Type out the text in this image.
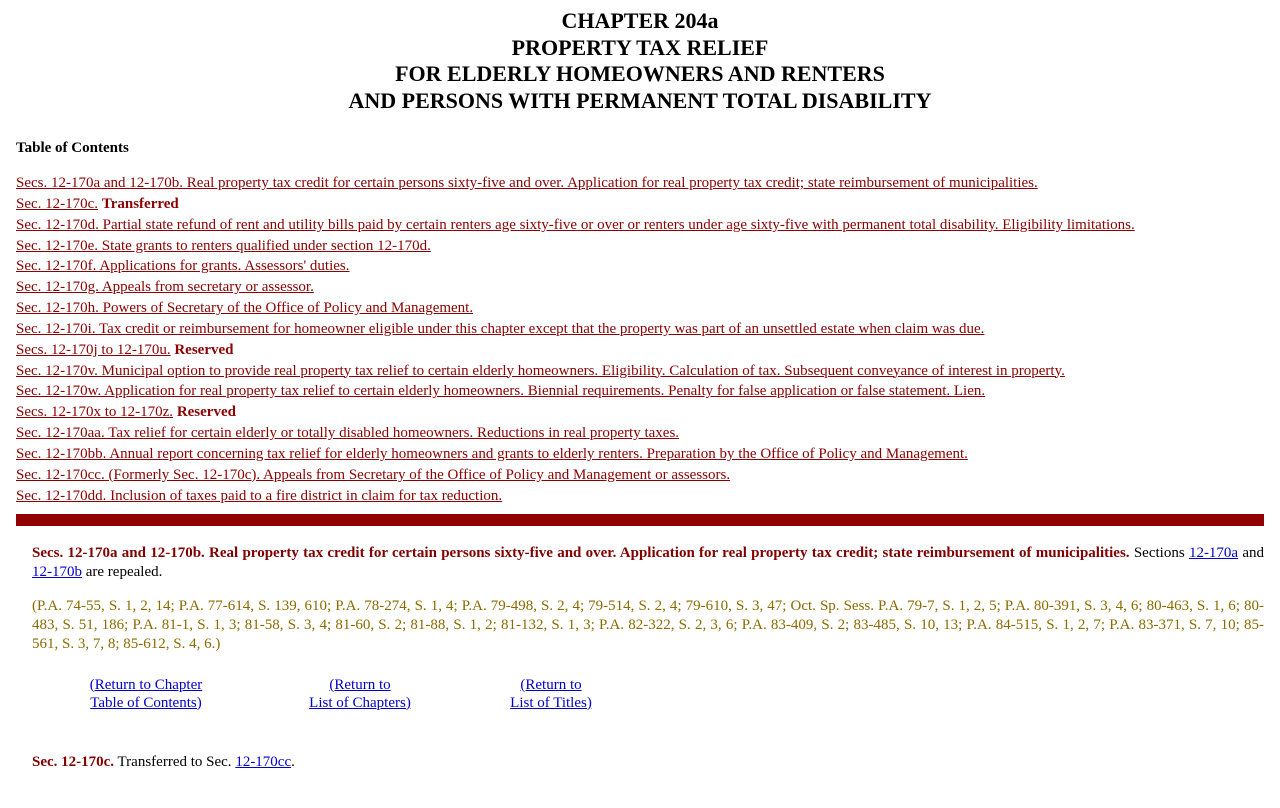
CHAPTER 204a
PROPERTY TAX RELIEF
FOR ELDERLY HOMEOWNERS AND RENTERS
AND PERSONS WITH PERMANENT TOTAL DISABILITY
Table of Contents
Secs. 12-170a and 12-170b. Real property tax credit for certain persons sixty-five and over. Application for real property tax credit; state reimbursement of municipalities.
Sec. 12-170c. Transferred
Sec. 12-170d. Partial state refund of rent and utility bills paid by certain renters age sixty-five or over or renters under age sixty-five with permanent total disability. Eligibility limitations.
Sec. 12-170e. State grants to renters qualified under section 12-170d.
Sec. 12-170f. Applications for grants. Assessors' duties.
Sec. 12-170g. Appeals from secretary or assessor.
Sec. 12-170h. Powers of Secretary of the Office of Policy and Management.
Sec. 12-170i. Tax credit or reimbursement for homeowner eligible under this chapter except that the property was part of an unsettled estate when claim was due.
Secs. 12-170j to 12-170u. Reserved
Sec. 12-170v. Municipal option to provide real property tax relief to certain elderly homeowners. Eligibility. Calculation of tax. Subsequent conveyance of interest in property.
Sec. 12-170w. Application for real property tax relief to certain elderly homeowners. Biennial requirements. Penalty for false application or false statement. Lien.
Secs. 12-170x to 12-170z. Reserved
Sec. 12-170aa. Tax relief for certain elderly or totally disabled homeowners. Reductions in real property taxes.
Sec. 12-170bb. Annual report concerning tax relief for elderly homeowners and grants to elderly renters. Preparation by the Office of Policy and Management.
Sec. 12-170cc. (Formerly Sec. 12-170c). Appeals from Secretary of the Office of Policy and Management or assessors.
Sec. 12-170dd. Inclusion of taxes paid to a fire district in claim for tax reduction.
Secs. 12-170a and 12-170b. Real property tax credit for certain persons sixty-five and over. Application for real property tax credit; state reimbursement of municipalities. Sections 12-170a and 12-170b are repealed.
(P.A. 74-55, S. 1, 2, 14; P.A. 77-614, S. 139, 610; P.A. 78-274, S. 1, 4; P.A. 79-498, S. 2, 4; 79-514, S. 2, 4; 79-610, S. 3, 47; Oct. Sp. Sess. P.A. 79-7, S. 1, 2, 5; P.A. 80-391, S. 3, 4, 6; 80-463, S. 1, 6; 80-483, S. 51, 186; P.A. 81-1, S. 1, 3; 81-58, S. 3, 4; 81-60, S. 2; 81-88, S. 1, 2; 81-132, S. 1, 3; P.A. 82-322, S. 2, 3, 6; P.A. 83-409, S. 2; 83-485, S. 10, 13; P.A. 84-515, S. 1, 2, 7; P.A. 83-371, S. 7, 10; 85-561, S. 3, 7, 8; 85-612, S. 4, 6.)
(Return to Chapter
Table of Contents)
(Return to
List of Chapters)
(Return to
List of Titles)
Sec. 12-170c. Transferred to Sec. 12-170cc.
